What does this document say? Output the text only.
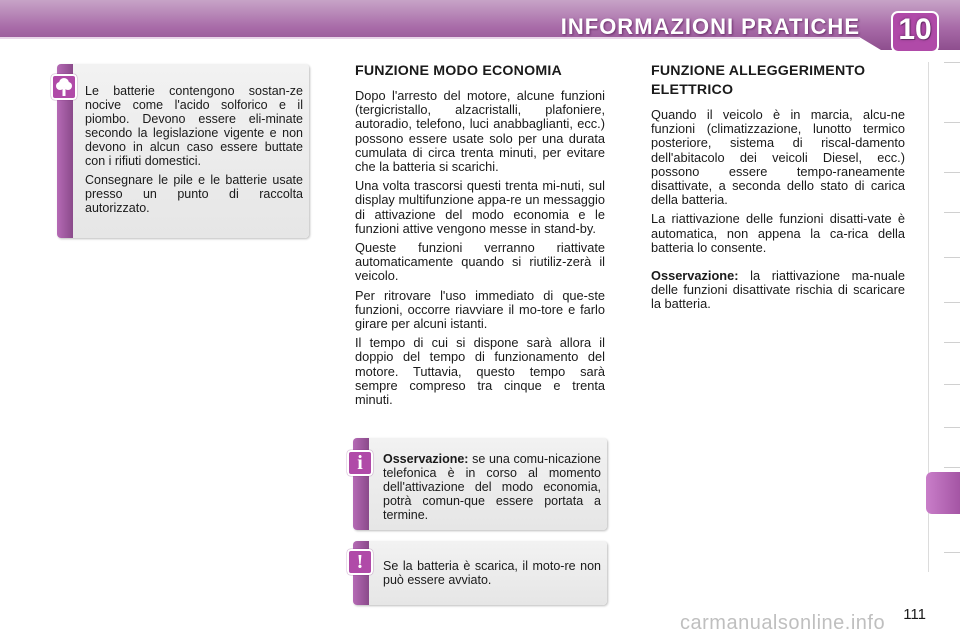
INFORMAZIONI PRATICHE 10

Le batterie contengono sostan-ze nocive come l'acido solforico e il piombo. Devono essere eli-minate secondo la legislazione vigente e non devono in alcun caso essere buttate con i rifiuti domestici.

Consegnare le pile e le batterie usate presso un punto di raccolta autorizzato.

FUNZIONE MODO ECONOMIA

Dopo l'arresto del motore, alcune funzioni (tergicristallo, alzacristalli, plafoniere, autoradio, telefono, luci anabbaglianti, ecc.) possono essere usate solo per una durata cumulata di circa trenta minuti, per evitare che la batteria si scarichi.

Una volta trascorsi questi trenta mi-nuti, sul display multifunzione appa-re un messaggio di attivazione del modo economia e le funzioni attive vengono messe in stand-by.

Queste funzioni verranno riattivate automaticamente quando si riutiliz-zerà il veicolo.

Per ritrovare l'uso immediato di que-ste funzioni, occorre riavviare il mo-tore e farlo girare per alcuni istanti.

Il tempo di cui si dispone sarà allora il doppio del tempo di funzionamento del motore. Tuttavia, questo tempo sarà sempre compreso tra cinque e trenta minuti.

i	Osservazione: se una comu-nicazione telefonica è in corso al momento dell'attivazione del modo economia, potrà comun-que essere portata a termine.

!	Se la batteria è scarica, il moto-re non può essere avviato.

FUNZIONE ALLEGGERIMENTO ELETTRICO

Quando il veicolo è in marcia, alcu-ne funzioni (climatizzazione, lunotto termico posteriore, sistema di riscal-damento dell'abitacolo dei veicoli Diesel, ecc.) possono essere tempo-raneamente disattivate, a seconda dello stato di carica della batteria.

La riattivazione delle funzioni disatti-vate è automatica, non appena la ca-rica della batteria lo consente.

Osservazione: la riattivazione ma-nuale delle funzioni disattivate rischia di scaricare la batteria.

111
carmanualsonline.info
